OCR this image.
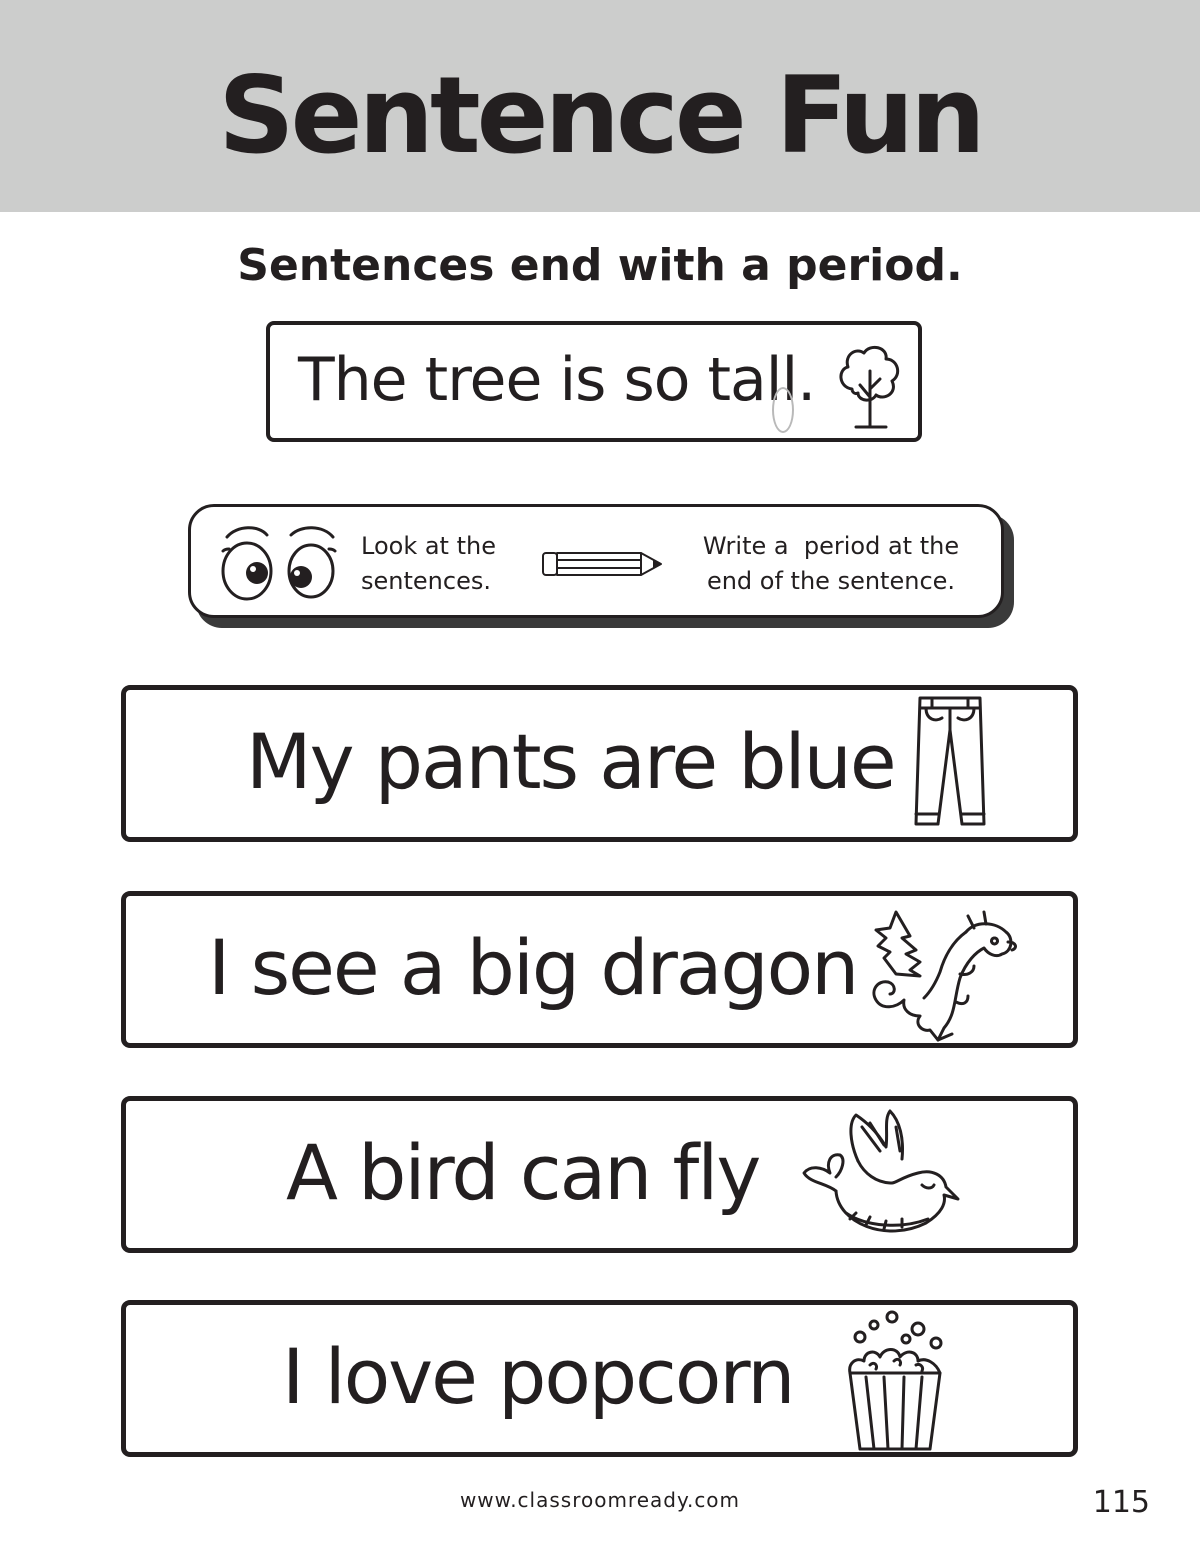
Sentence Fun
Sentences end with a period.
The tree is so tall.
Look at the
sentences.
Write a  period at the
end of the sentence.
My pants are blue
I see a big dragon
A bird can fly
I love popcorn
www.classroomready.com	115
